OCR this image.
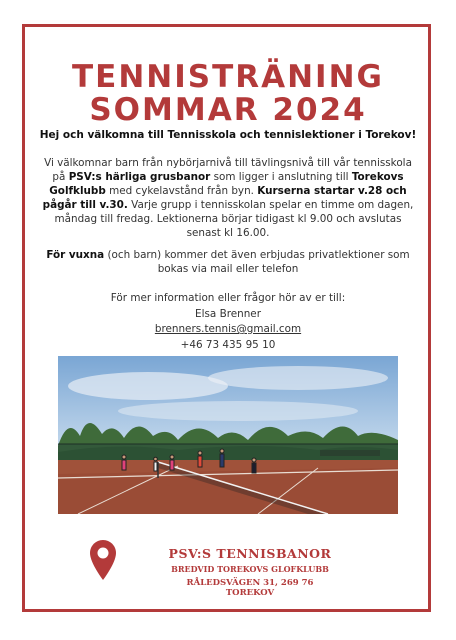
TENNISTRÄNING
SOMMAR 2024
Hej och välkomna till Tennisskola och tennislektioner i Torekov!
Vi välkomnar barn från nybörjarnivå till tävlingsnivå till vår tennisskola på PSV:s härliga grusbanor som ligger i anslutning till Torekovs Golfklubb med cykelavstånd från byn. Kurserna startar v.28 och pågår till v.30. Varje grupp i tennisskolan spelar en timme om dagen, måndag till fredag. Lektionerna börjar tidigast kl 9.00 och avslutas senast kl 16.00.
För vuxna (och barn) kommer det även erbjudas privatlektioner som bokas via mail eller telefon
För mer information eller frågor hör av er till:
Elsa Brenner
brenners.tennis@gmail.com
+46 73 435 95 10
PSV:S TENNISBANOR
BREDVID TOREKOVS GLOFKLUBB
RÅLEDSVÄGEN 31, 269 76
TOREKOV
